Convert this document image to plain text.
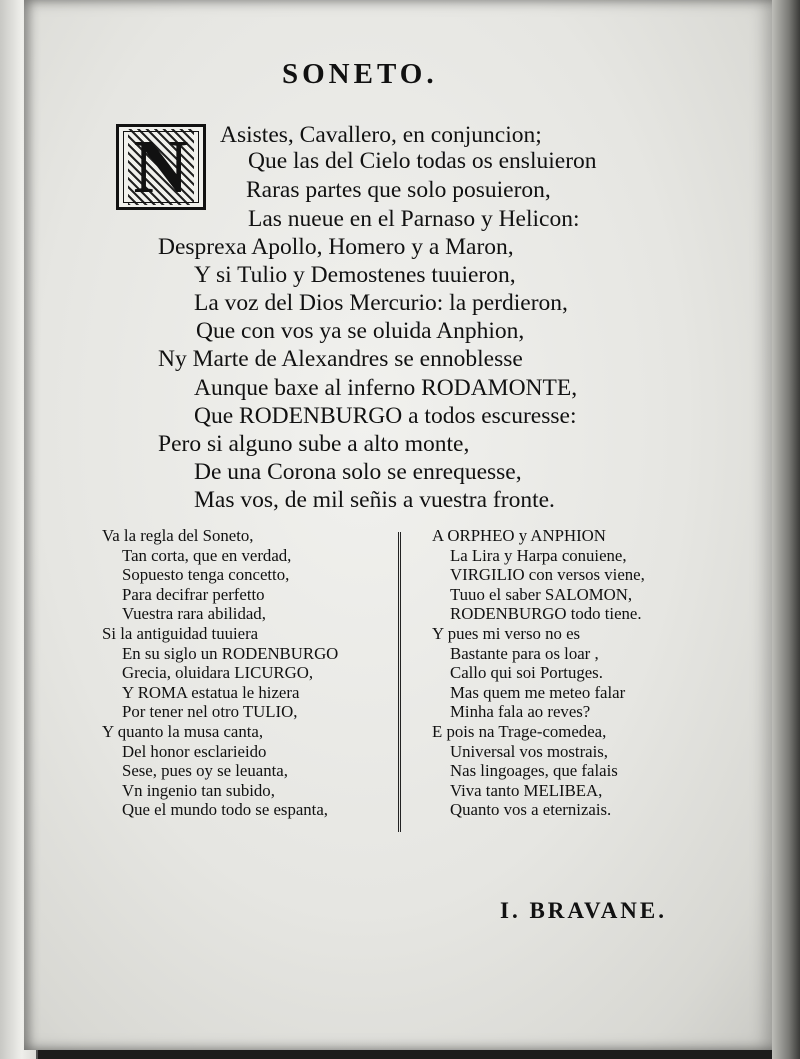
SONETO.
N Asistes, Cavallero, en conjuncion;
Que las del Cielo todas os ensluieron
Raras partes que solo posuieron,
Las nueue en el Parnaso y Helicon:
Desprexa Apollo, Homero y a Maron,
Y si Tulio y Demostenes tuuieron,
La voz del Dios Mercurio: la perdieron,
Que con vos ya se oluida Anphion,
Ny Marte de Alexandres se ennoblesse
Aunque baxe al inferno RODAMONTE,
Que RODENBURGO a todos escuresse:
Pero si alguno sube a alto monte,
De una Corona solo se enrequesse,
Mas vos, de mil señis a vuestra fronte.
Va la regla del Soneto,
Tan corta, que en verdad,
Sopuesto tenga concetto,
Para decifrar perfetto
Vuestra rara abilidad,
Si la antiguidad tuuiera
En su siglo un RODENBURGO
Grecia, oluidara LICURGO,
Y ROMA estatua le hizera
Por tener nel otro TULIO,
Y quanto la musa canta,
Del honor esclarieido
Sese, pues oy se leuanta,
Vn ingenio tan subido,
Que el mundo todo se espanta,
A ORPHEO y ANPHION
La Lira y Harpa conuiene,
VIRGILIO con versos viene,
Tuuo el saber SALOMON,
RODENBURGO todo tiene.
Y pues mi verso no es
Bastante para os loar ,
Callo qui soi Portuges.
Mas quem me meteo falar
Minha fala ao reves?
E pois na Trage-comedea,
Universal vos mostrais,
Nas lingoages, que falais
Viva tanto MELIBEA,
Quanto vos a eternizais.
I. BRAVANE.
